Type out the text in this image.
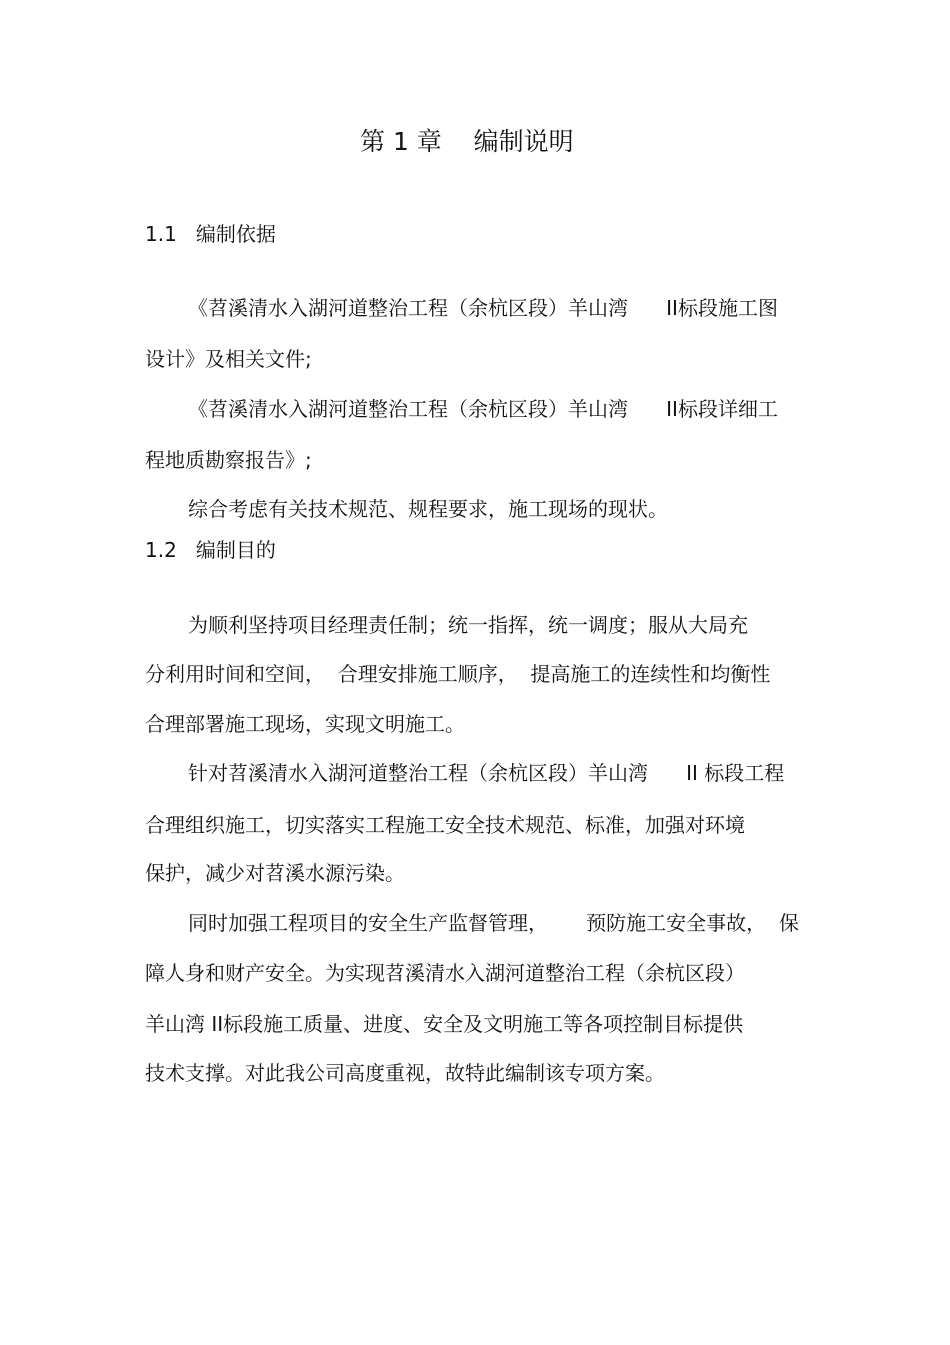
第 1 章    编制说明
1.1   编制依据
《苕溪清水入湖河道整治工程（余杭区段）羊山湾      II标段施工图
设计》及相关文件;
《苕溪清水入湖河道整治工程（余杭区段）羊山湾      II标段详细工
程地质勘察报告》;
综合考虑有关技术规范、规程要求，施工现场的现状。
1.2   编制目的
为顺利坚持项目经理责任制；统一指挥，统一调度；服从大局充
分利用时间和空间，  合理安排施工顺序，  提高施工的连续性和均衡性
合理部署施工现场，实现文明施工。
针对苕溪清水入湖河道整治工程（余杭区段）羊山湾      II 标段工程
合理组织施工，切实落实工程施工安全技术规范、标准，加强对环境
保护，减少对苕溪水源污染。
同时加强工程项目的安全生产监督管理，      预防施工安全事故，  保
障人身和财产安全。为实现苕溪清水入湖河道整治工程（余杭区段）
羊山湾 II标段施工质量、进度、安全及文明施工等各项控制目标提供
技术支撑。对此我公司高度重视，故特此编制该专项方案。
